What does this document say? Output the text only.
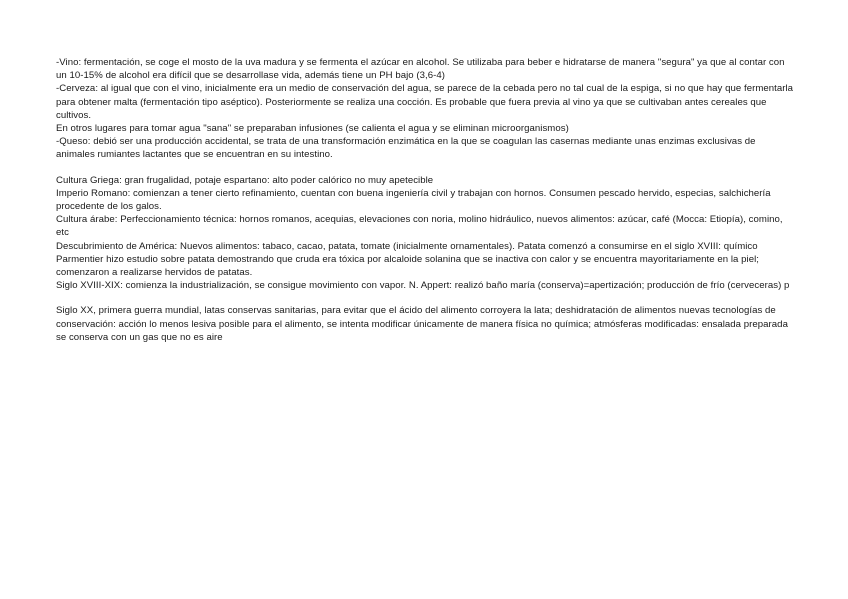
-Vino: fermentación, se coge el mosto de la uva madura y se fermenta el azúcar en alcohol. Se utilizaba para beber e hidratarse de manera "segura" ya que al contar con un 10-15% de alcohol era difícil que se desarrollase vida, además tiene un PH bajo (3,6-4)

-Cerveza: al igual que con el vino, inicialmente era un medio de conservación del agua, se parece de la cebada pero no tal cual de la espiga, si no que hay que fermentarla para obtener malta (fermentación tipo aséptico). Posteriormente se realiza una cocción. Es probable que fuera previa al vino ya que se cultivaban antes cereales que cultivos.

En otros lugares para tomar agua "sana" se preparaban infusiones (se calienta el agua y se eliminan microorganismos)

-Queso: debió ser una producción accidental, se trata de una transformación enzimática en la que se coagulan las casernas mediante unas enzimas exclusivas de animales rumiantes lactantes que se encuentran en su intestino.

Cultura Griega: gran frugalidad, potaje espartano: alto poder calórico no muy apetecible

Imperio Romano: comienzan a tener cierto refinamiento, cuentan con buena ingeniería civil y trabajan con hornos. Consumen pescado hervido, especias, salchichería procedente de los galos.

Cultura árabe: Perfeccionamiento técnica: hornos romanos, acequias, elevaciones con noria, molino hidráulico, nuevos alimentos: azúcar, café (Mocca: Etiopía), comino, etc

Descubrimiento de América: Nuevos alimentos: tabaco, cacao, patata, tomate (inicialmente ornamentales). Patata comenzó a consumirse en el siglo XVIII: químico Parmentier hizo estudio sobre patata demostrando que cruda era tóxica por alcaloide solanina que se inactiva con calor y se encuentra mayoritariamente en la piel; comenzaron a realizarse hervidos de patatas.

Siglo XVIII-XIX: comienza la industrialización, se consigue movimiento con vapor. N. Appert: realizó baño maría (conserva)=apertización; producción de frío (cerveceras) p

Siglo XX, primera guerra mundial, latas conservas sanitarias, para evitar que el ácido del alimento corroyera la lata; deshidratación de alimentos nuevas tecnologías de conservación: acción lo menos lesiva posible para el alimento, se intenta modificar únicamente de manera física no química; atmósferas modificadas: ensalada preparada se conserva con un gas que no es aire
